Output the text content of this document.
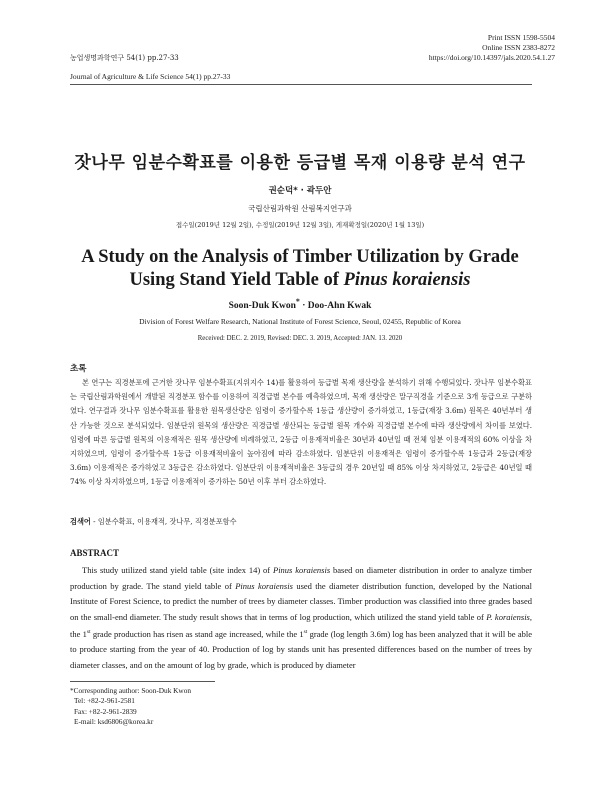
Print ISSN 1598-5504
Online ISSN 2383-8272
https://doi.org/10.14397/jals.2020.54.1.27
농업생명과학연구 54(1) pp.27-33
Journal of Agriculture & Life Science 54(1) pp.27-33
잣나무 임분수확표를 이용한 등급별 목재 이용량 분석 연구
권순덕* · 곽두안
국립산림과학원 산림복지연구과
접수일(2019년 12월 2일), 수정일(2019년 12월 3일), 게재확정일(2020년 1월 13일)
A Study on the Analysis of Timber Utilization by Grade Using Stand Yield Table of Pinus koraiensis
Soon-Duk Kwon* · Doo-Ahn Kwak
Division of Forest Welfare Research, National Institute of Forest Science, Seoul, 02455, Republic of Korea
Received: DEC. 2. 2019, Revised: DEC. 3. 2019, Accepted: JAN. 13. 2020
초록
본 연구는 직경분포에 근거한 잣나무 임분수확표(지위지수 14)를 활용하여 등급별 목재 생산량을 분석하기 위해 수행되었다. 잣나무 임분수확표는 국립산림과학원에서 개발된 직경분포 함수를 이용하여 직경급별 본수를 예측하였으며, 목재 생산량은 말구직경을 기준으로 3개 등급으로 구분하였다. 연구결과 잣나무 임분수확표를 활용한 원목생산량은 임령이 증가할수록 1등급 생산량이 증가하였고, 1등급(재장 3.6m) 원목은 40년부터 생산 가능한 것으로 분석되었다. 임분단위 원목의 생산량은 직경급별 생산되는 등급별 원목 개수와 직경급별 본수에 따라 생산량에서 차이를 보였다. 임령에 따른 등급별 원목의 이용재적은 원목 생산량에 비례하였고, 2등급 이용재적비율은 30년과 40년일 때 전체 임분 이용재적의 60% 이상을 차지하였으며, 임령이 증가할수록 1등급 이용재적비율이 높아짐에 따라 감소하였다. 임분단위 이용재적은 임령이 증가할수록 1등급과 2등급(재장 3.6m) 이용재적은 증가하였고 3등급은 감소하였다. 임분단위 이용재적비율은 3등급의 경우 20년일 때 85% 이상 차지하였고, 2등급은 40년일 때 74% 이상 차지하였으며, 1등급 이용재적이 증가하는 50년 이후 부터 감소하였다.
검색어 - 임분수확표, 이용재적, 잣나무, 직경분포함수
ABSTRACT
This study utilized stand yield table (site index 14) of Pinus koraiensis based on diameter distribution in order to analyze timber production by grade. The stand yield table of Pinus koraiensis used the diameter distribution function, developed by the National Institute of Forest Science, to predict the number of trees by diameter classes. Timber production was classified into three grades based on the small-end diameter. The study result shows that in terms of log production, which utilized the stand yield table of P. koraiensis, the 1st grade production has risen as stand age increased, while the 1st grade (log length 3.6m) log has been analyzed that it will be able to produce starting from the year of 40. Production of log by stands unit has presented differences based on the number of trees by diameter classes, and on the amount of log by grade, which is produced by diameter
*Corresponding author: Soon-Duk Kwon
Tel: +82-2-961-2581
Fax: +82-2-961-2839
E-mail: ksd6806@korea.kr
